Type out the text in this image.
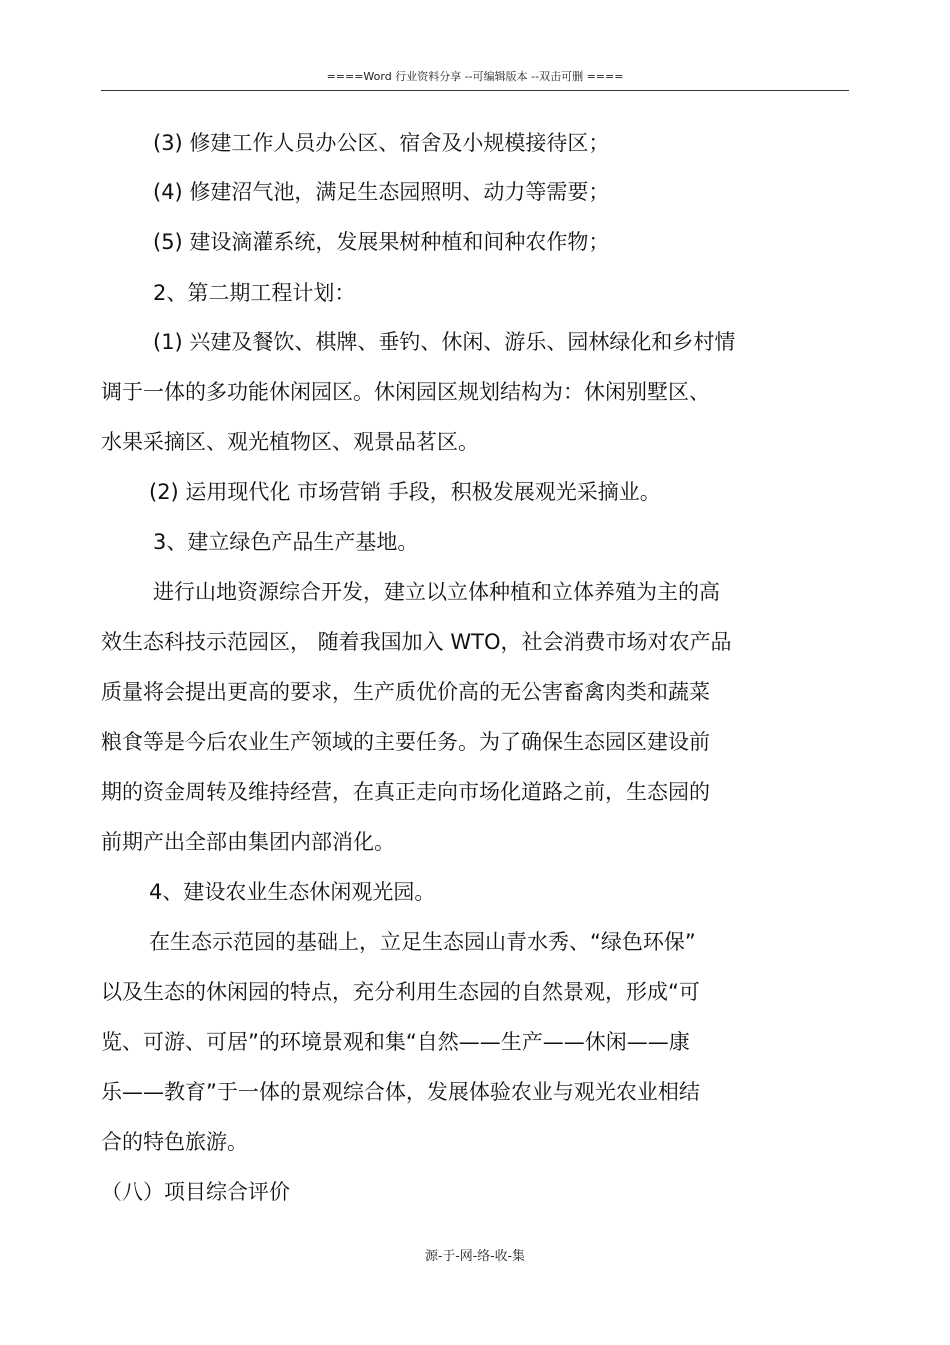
====Word 行业资料分享 --可编辑版本 --双击可删 ====
(3) 修建工作人员办公区、宿舍及小规模接待区；
(4) 修建沼气池，满足生态园照明、动力等需要；
(5) 建设滴灌系统，发展果树种植和间种农作物；
2、第二期工程计划：
(1) 兴建及餐饮、棋牌、垂钓、休闲、游乐、园林绿化和乡村情
调于一体的多功能休闲园区。休闲园区规划结构为：休闲别墅区、
水果采摘区、观光植物区、观景品茗区。
(2) 运用现代化 市场营销 手段，积极发展观光采摘业。
3、建立绿色产品生产基地。
进行山地资源综合开发，建立以立体种植和立体养殖为主的高
效生态科技示范园区， 随着我国加入 WTO，社会消费市场对农产品
质量将会提出更高的要求，生产质优价高的无公害畜禽肉类和蔬菜
粮食等是今后农业生产领域的主要任务。为了确保生态园区建设前
期的资金周转及维持经营，在真正走向市场化道路之前，生态园的
前期产出全部由集团内部消化。
4、建设农业生态休闲观光园。
在生态示范园的基础上，立足生态园山青水秀、“绿色环保”
以及生态的休闲园的特点，充分利用生态园的自然景观，形成“可
览、可游、可居”的环境景观和集“自然——生产——休闲——康
乐——教育”于一体的景观综合体，发展体验农业与观光农业相结
合的特色旅游。
（八）项目综合评价
源-于-网-络-收-集
